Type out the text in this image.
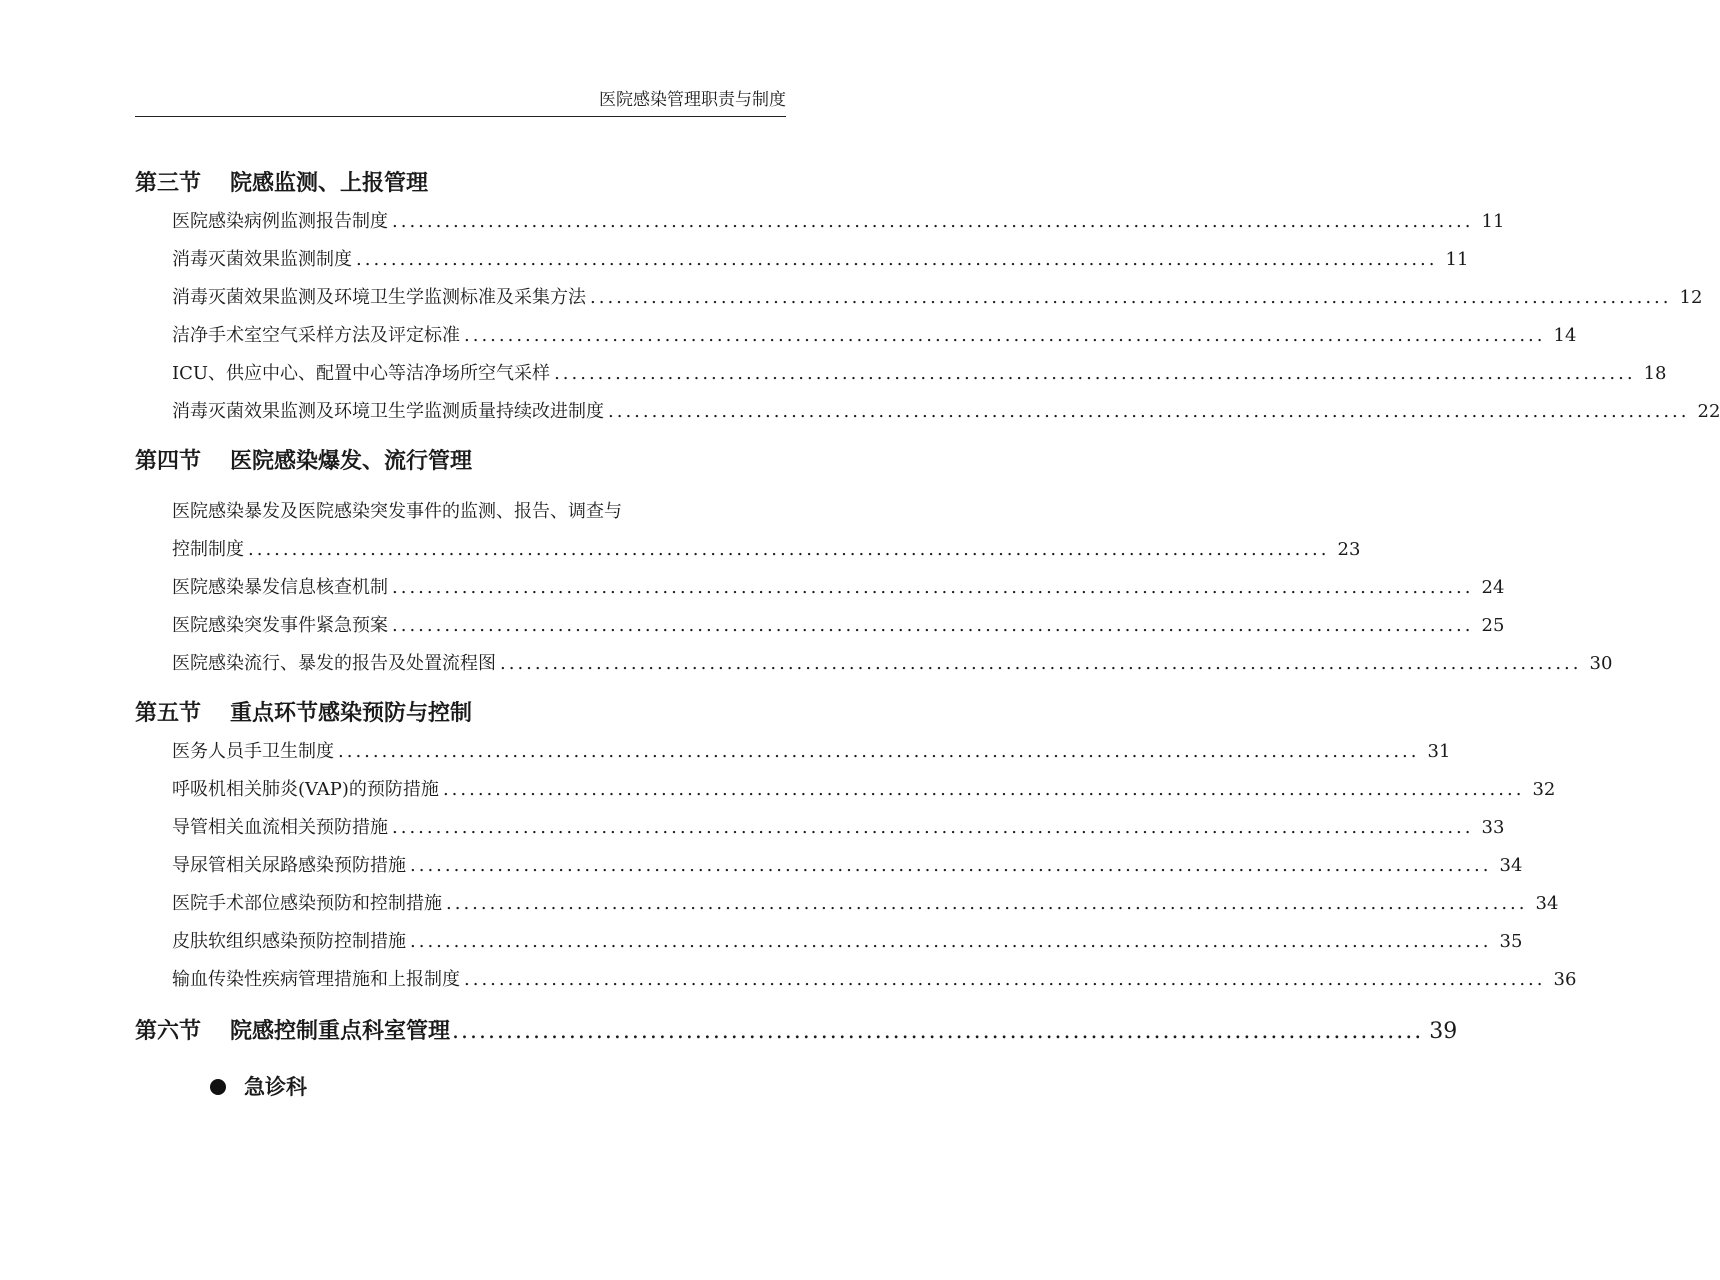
医院感染管理职责与制度
第三节	院感监测、上报管理
医院感染病例监测报告制度 ............................................................................................................................ 11
消毒灭菌效果监测制度 ............................................................................................................................ 11
消毒灭菌效果监测及环境卫生学监测标准及采集方法 ............................................................................................................................ 12
洁净手术室空气采样方法及评定标准 ............................................................................................................................ 14
ICU、供应中心、配置中心等洁净场所空气采样 ............................................................................................................................ 18
消毒灭菌效果监测及环境卫生学监测质量持续改进制度 ............................................................................................................................ 22
第四节	医院感染爆发、流行管理
医院感染暴发及医院感染突发事件的监测、报告、调查与
控制制度 ............................................................................................................................ 23
医院感染暴发信息核查机制 ............................................................................................................................ 24
医院感染突发事件紧急预案 ............................................................................................................................ 25
医院感染流行、暴发的报告及处置流程图 ............................................................................................................................ 30
第五节	重点环节感染预防与控制
医务人员手卫生制度 ............................................................................................................................ 31
呼吸机相关肺炎(VAP)的预防措施 ............................................................................................................................ 32
导管相关血流相关预防措施 ............................................................................................................................ 33
导尿管相关尿路感染预防措施 ............................................................................................................................ 34
医院手术部位感染预防和控制措施 ............................................................................................................................ 34
皮肤软组织感染预防控制措施 ............................................................................................................................ 35
输血传染性疾病管理措施和上报制度 ............................................................................................................................ 36
第六节	院感控制重点科室管理 ............................................................................................................ 39
急诊科
